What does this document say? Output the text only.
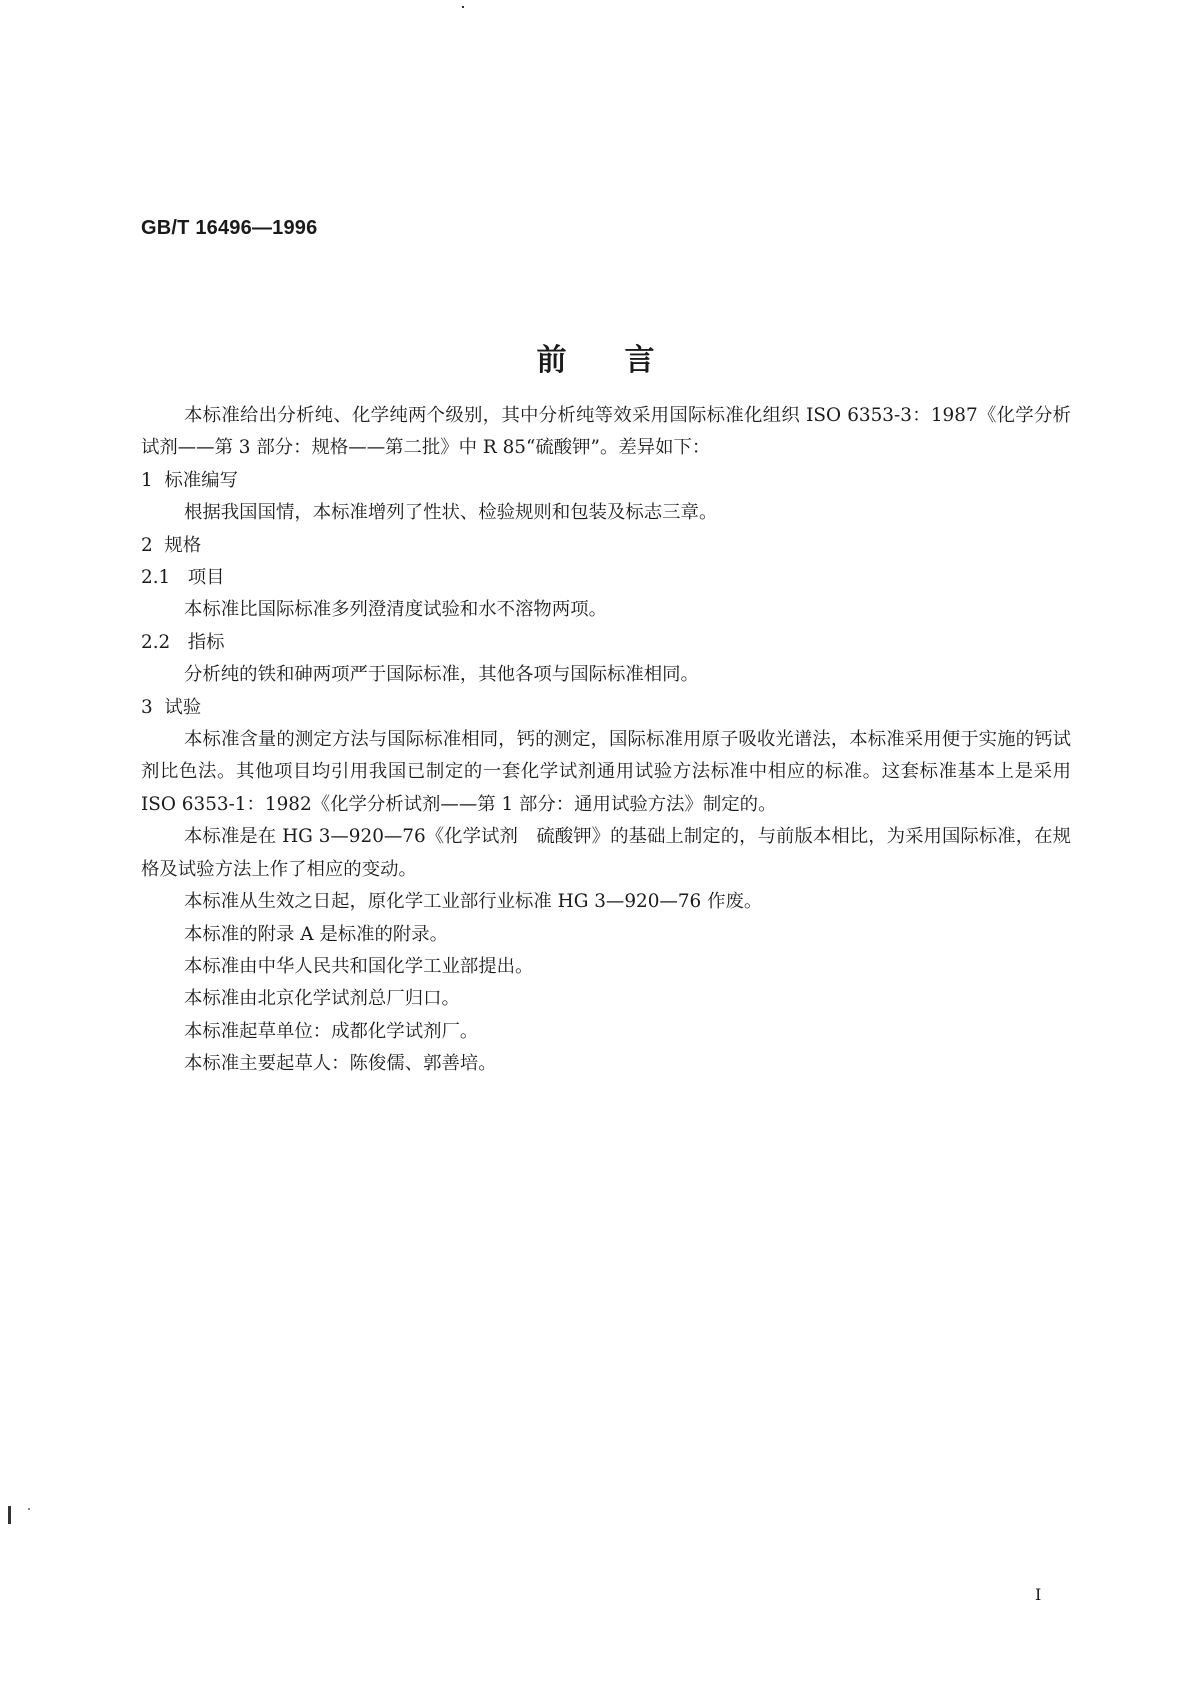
GB/T 16496—1996
前言

本标准给出分析纯、化学纯两个级别，其中分析纯等效采用国际标准化组织 ISO 6353-3：1987《化学分析试剂——第 3 部分：规格——第二批》中 R 85“硫酸钾”。差异如下：

1  标准编写

根据我国国情，本标准增列了性状、检验规则和包装及标志三章。

2  规格

2.1   项目

本标准比国际标准多列澄清度试验和水不溶物两项。

2.2   指标

分析纯的铁和砷两项严于国际标准，其他各项与国际标准相同。

3  试验

本标准含量的测定方法与国际标准相同，钙的测定，国际标准用原子吸收光谱法，本标准采用便于实施的钙试剂比色法。其他项目均引用我国已制定的一套化学试剂通用试验方法标准中相应的标准。这套标准基本上是采用 ISO 6353-1：1982《化学分析试剂——第 1 部分：通用试验方法》制定的。

本标准是在 HG 3—920—76《化学试剂　硫酸钾》的基础上制定的，与前版本相比，为采用国际标准，在规格及试验方法上作了相应的变动。

本标准从生效之日起，原化学工业部行业标准 HG 3—920—76 作废。

本标准的附录 A 是标准的附录。

本标准由中华人民共和国化学工业部提出。

本标准由北京化学试剂总厂归口。

本标准起草单位：成都化学试剂厂。

本标准主要起草人：陈俊儒、郭善培。

I
